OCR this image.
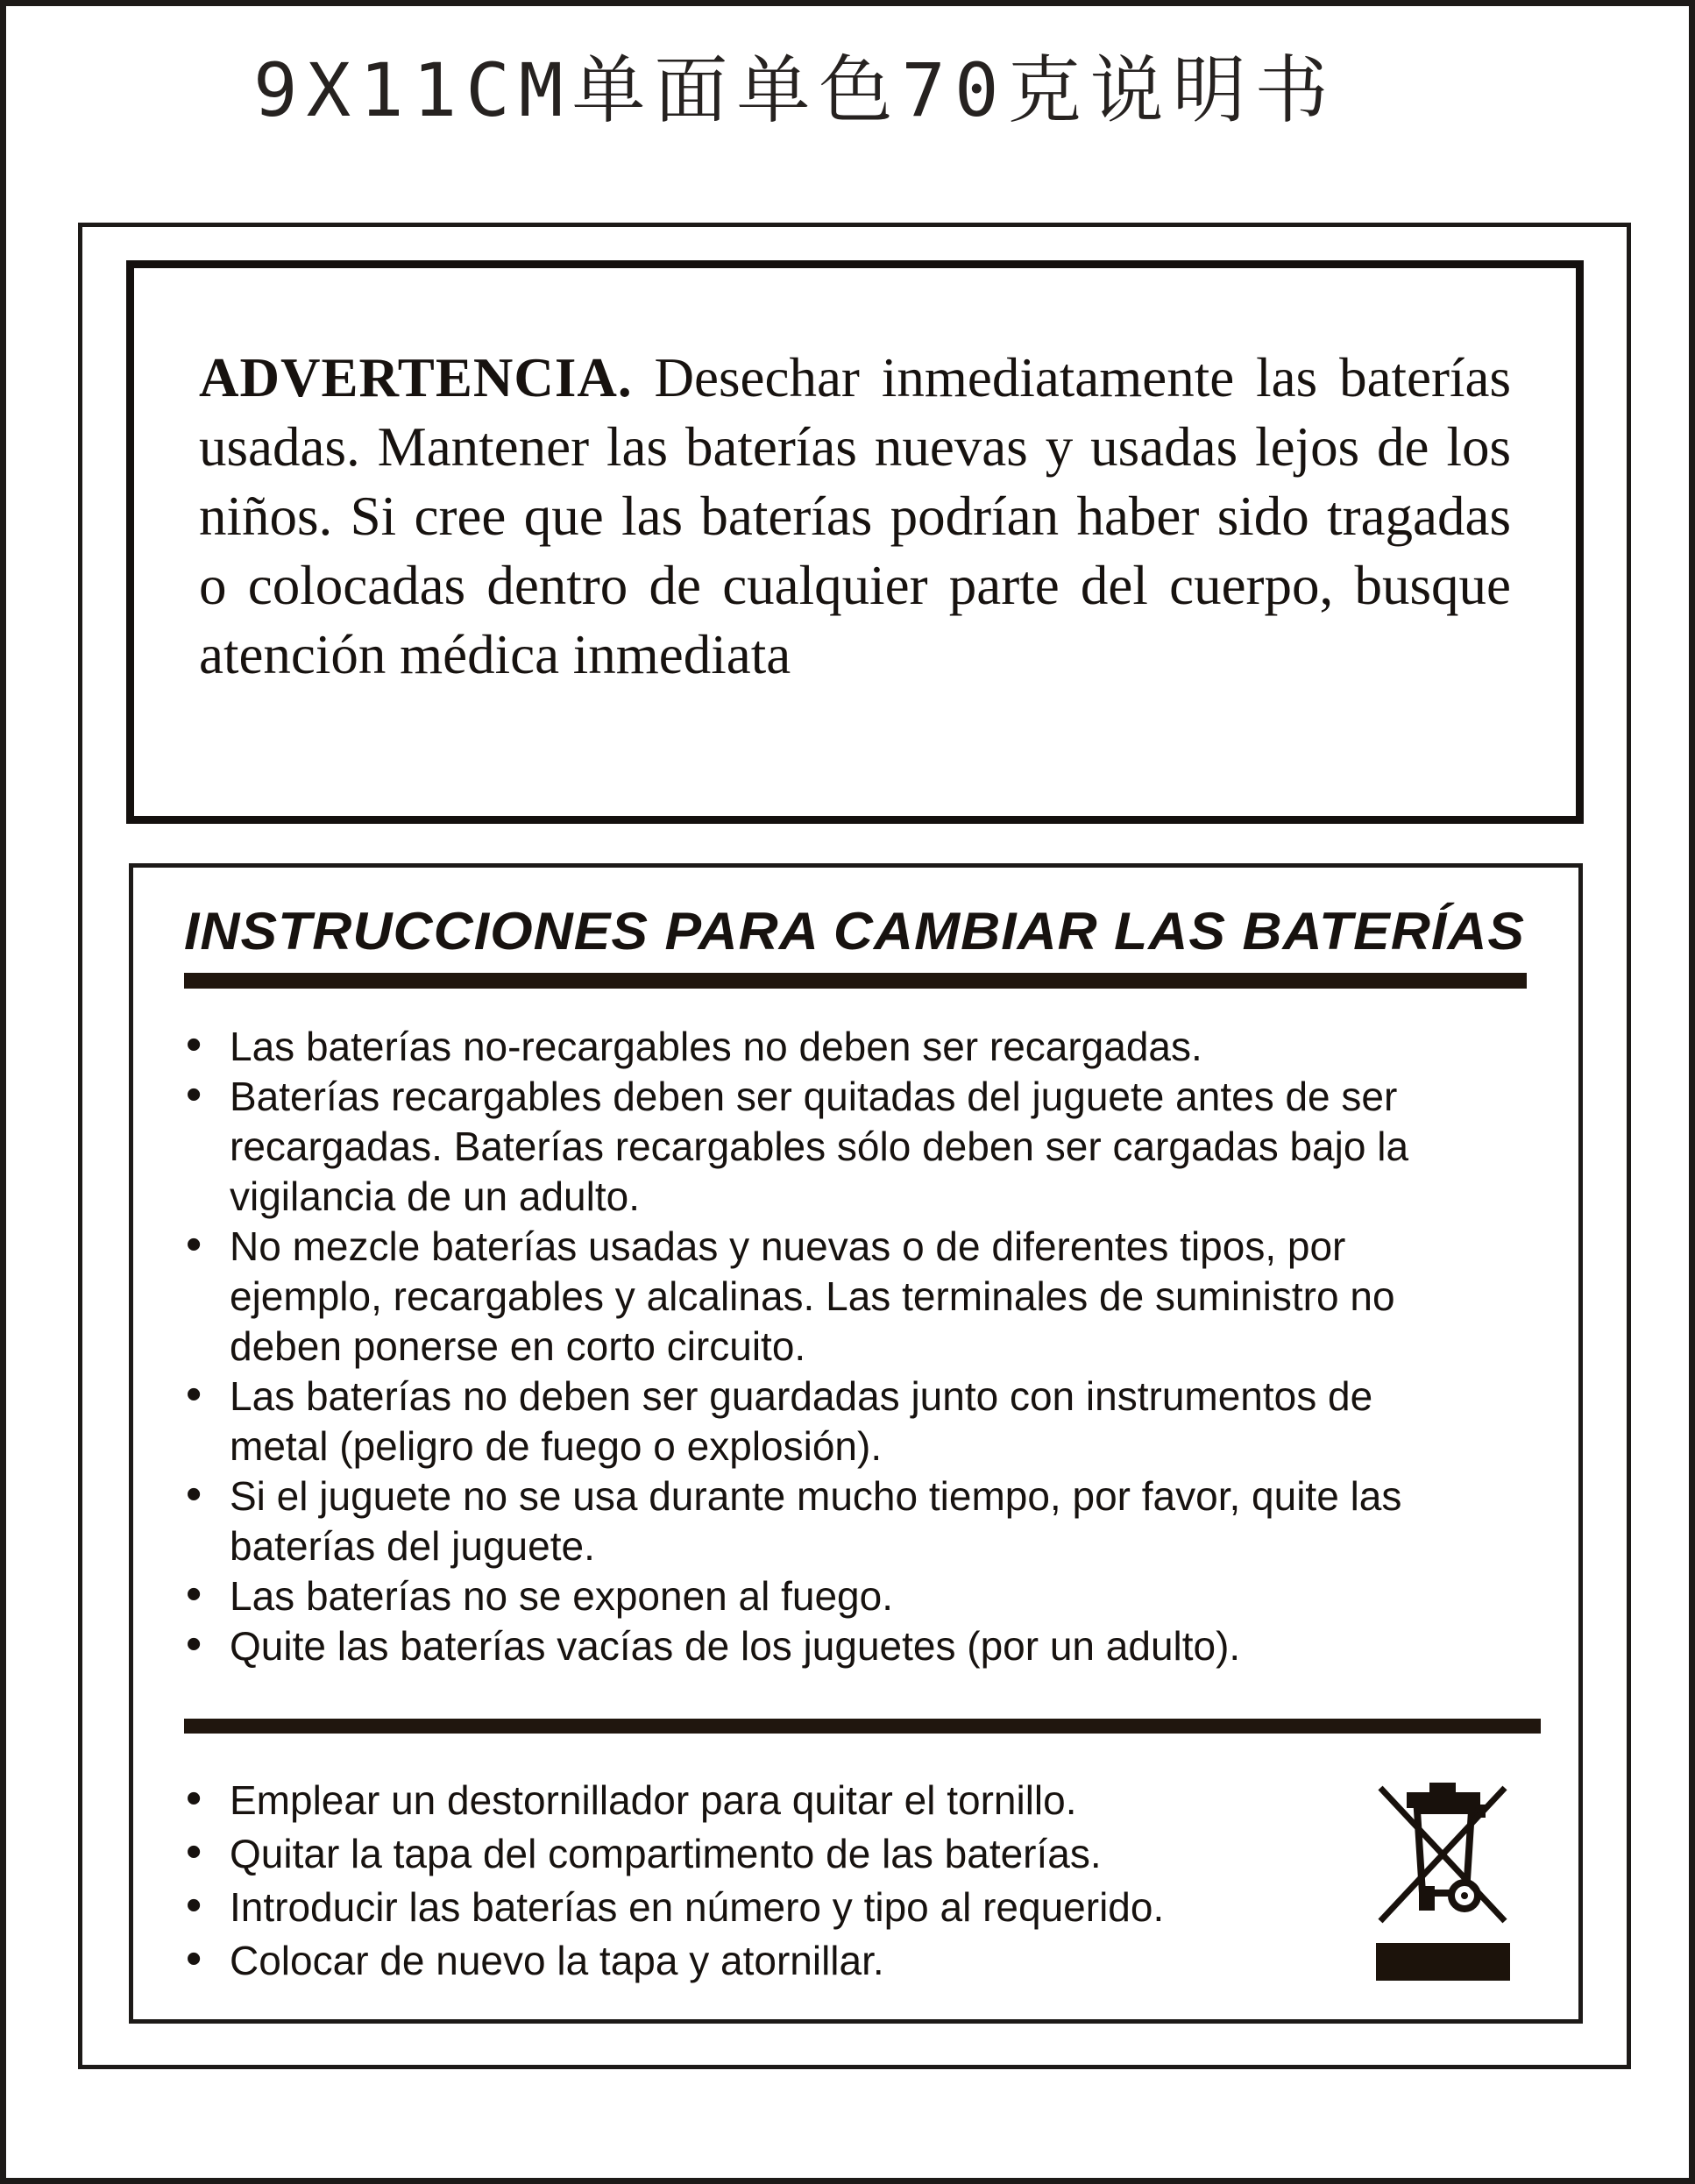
9X11CM单面单色70克说明书

ADVERTENCIA. Desechar inmediatamente las baterías usadas. Mantener las baterías nuevas y usadas lejos de los niños. Si cree que las baterías podrían haber sido tragadas o colocadas dentro de cualquier parte del cuerpo, busque atención médica inmediata

INSTRUCCIONES PARA CAMBIAR LAS BATERÍAS
• Las baterías no-recargables no deben ser recargadas.
• Baterías recargables deben ser quitadas del juguete antes de ser recargadas. Baterías recargables sólo deben ser cargadas bajo la vigilancia de un adulto.
• No mezcle baterías usadas y nuevas o de diferentes tipos, por ejemplo, recargables y alcalinas. Las terminales de suministro no deben ponerse en corto circuito.
• Las baterías no deben ser guardadas junto con instrumentos de metal (peligro de fuego o explosión).
• Si el juguete no se usa durante mucho tiempo, por favor, quite las baterías del juguete.
• Las baterías no se exponen al fuego.
• Quite las baterías vacías de los juguetes (por un adulto).
• Emplear un destornillador para quitar el tornillo.
• Quitar la tapa del compartimento de las baterías.
• Introducir las baterías en número y tipo al requerido.
• Colocar de nuevo la tapa y atornillar.
